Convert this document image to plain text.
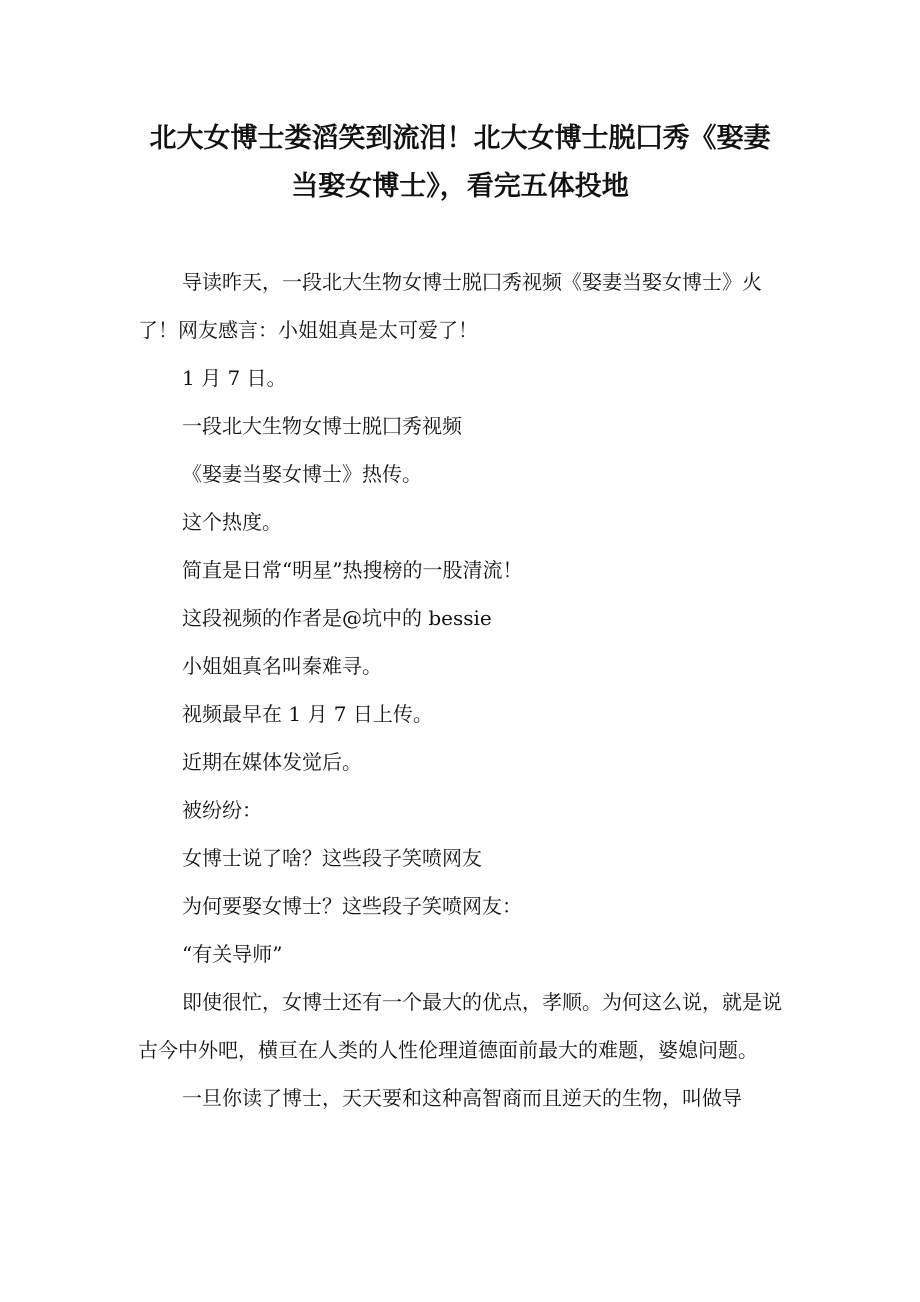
北大女博士娄滔笑到流泪！北大女博士脱囗秀《娶妻
当娶女博士》，看完五体投地

导读昨天，一段北大生物女博士脱囗秀视频《娶妻当娶女博士》火了！网友感言：小姐姐真是太可爱了！

1 月 7 日。

一段北大生物女博士脱囗秀视频

《娶妻当娶女博士》热传。

这个热度。

简直是日常“明星”热搜榜的一股清流！

这段视频的作者是@坑中的 bessie

小姐姐真名叫秦难寻。

视频最早在 1 月 7 日上传。

近期在媒体发觉后。

被纷纷：

女博士说了啥？这些段子笑喷网友

为何要娶女博士？这些段子笑喷网友：

“有关导师”

即使很忙，女博士还有一个最大的优点，孝顺。为何这么说，就是说古今中外吧，横亘在人类的人性伦理道德面前最大的难题，婆媳问题。

一旦你读了博士，天天要和这种高智商而且逆天的生物，叫做导
